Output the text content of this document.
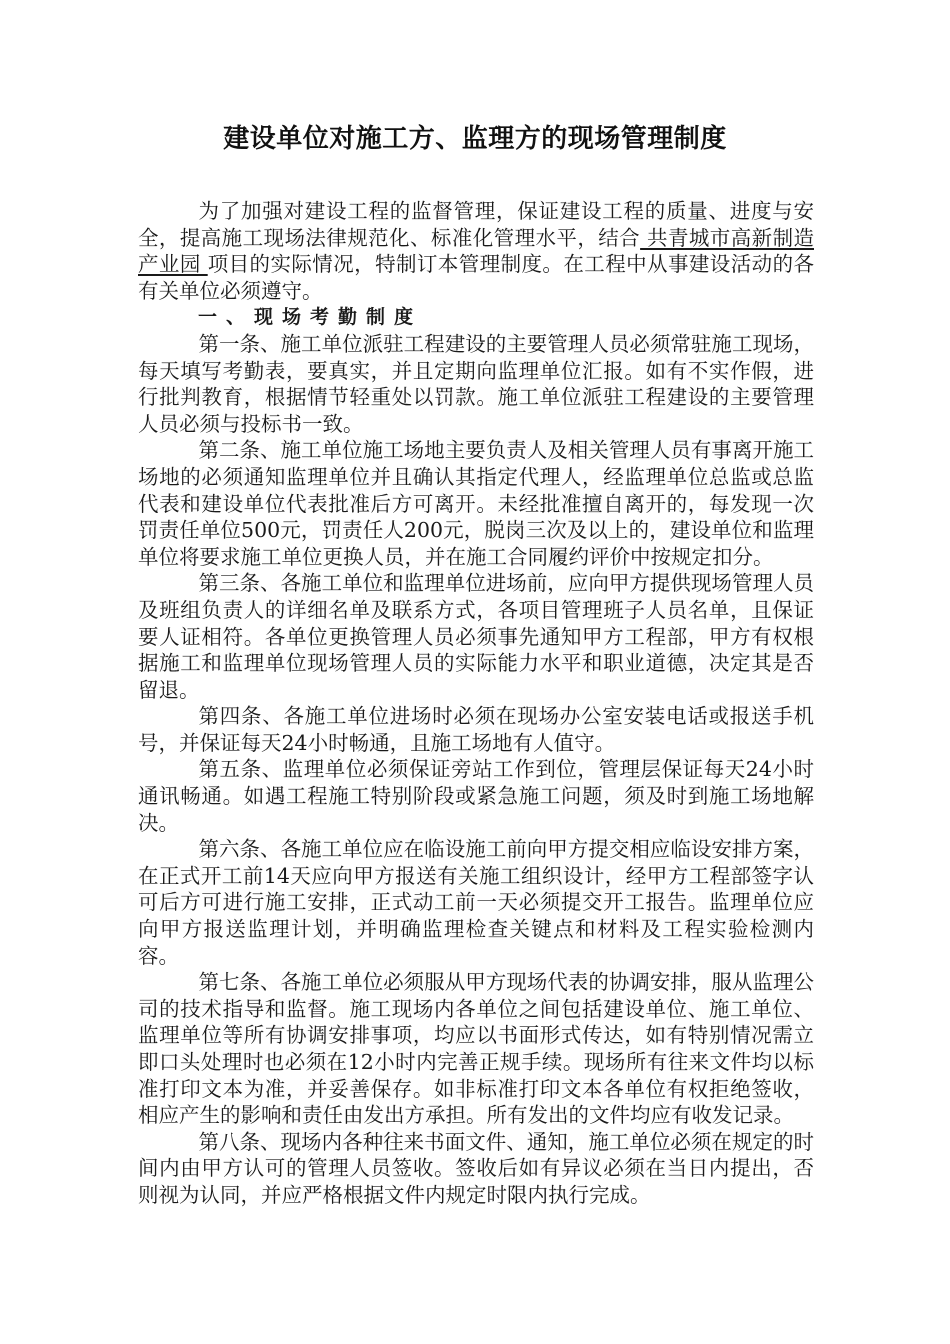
建设单位对施工方、监理方的现场管理制度

为了加强对建设工程的监督管理，保证建设工程的质量、进度与安全，提高施工现场法律规范化、标准化管理水平，结合 共青城市高新制造产业园 项目的实际情况，特制订本管理制度。在工程中从事建设活动的各有关单位必须遵守。

一、现场考勤制度

第一条、施工单位派驻工程建设的主要管理人员必须常驻施工现场，每天填写考勤表，要真实，并且定期向监理单位汇报。如有不实作假，进行批判教育，根据情节轻重处以罚款。施工单位派驻工程建设的主要管理人员必须与投标书一致。

第二条、施工单位施工场地主要负责人及相关管理人员有事离开施工场地的必须通知监理单位并且确认其指定代理人，经监理单位总监或总监代表和建设单位代表批准后方可离开。未经批准擅自离开的，每发现一次罚责任单位500元，罚责任人200元，脱岗三次及以上的，建设单位和监理单位将要求施工单位更换人员，并在施工合同履约评价中按规定扣分。

第三条、各施工单位和监理单位进场前，应向甲方提供现场管理人员及班组负责人的详细名单及联系方式，各项目管理班子人员名单，且保证要人证相符。各单位更换管理人员必须事先通知甲方工程部，甲方有权根据施工和监理单位现场管理人员的实际能力水平和职业道德，决定其是否留退。

第四条、各施工单位进场时必须在现场办公室安装电话或报送手机号，并保证每天24小时畅通，且施工场地有人值守。

第五条、监理单位必须保证旁站工作到位，管理层保证每天24小时通讯畅通。如遇工程施工特别阶段或紧急施工问题，须及时到施工场地解决。

第六条、各施工单位应在临设施工前向甲方提交相应临设安排方案，在正式开工前14天应向甲方报送有关施工组织设计，经甲方工程部签字认可后方可进行施工安排，正式动工前一天必须提交开工报告。监理单位应向甲方报送监理计划，并明确监理检查关键点和材料及工程实验检测内容。

第七条、各施工单位必须服从甲方现场代表的协调安排，服从监理公司的技术指导和监督。施工现场内各单位之间包括建设单位、施工单位、监理单位等所有协调安排事项，均应以书面形式传达，如有特别情况需立即口头处理时也必须在12小时内完善正规手续。现场所有往来文件均以标准打印文本为准，并妥善保存。如非标准打印文本各单位有权拒绝签收，相应产生的影响和责任由发出方承担。所有发出的文件均应有收发记录。

第八条、现场内各种往来书面文件、通知，施工单位必须在规定的时间内由甲方认可的管理人员签收。签收后如有异议必须在当日内提出，否则视为认同，并应严格根据文件内规定时限内执行完成。
